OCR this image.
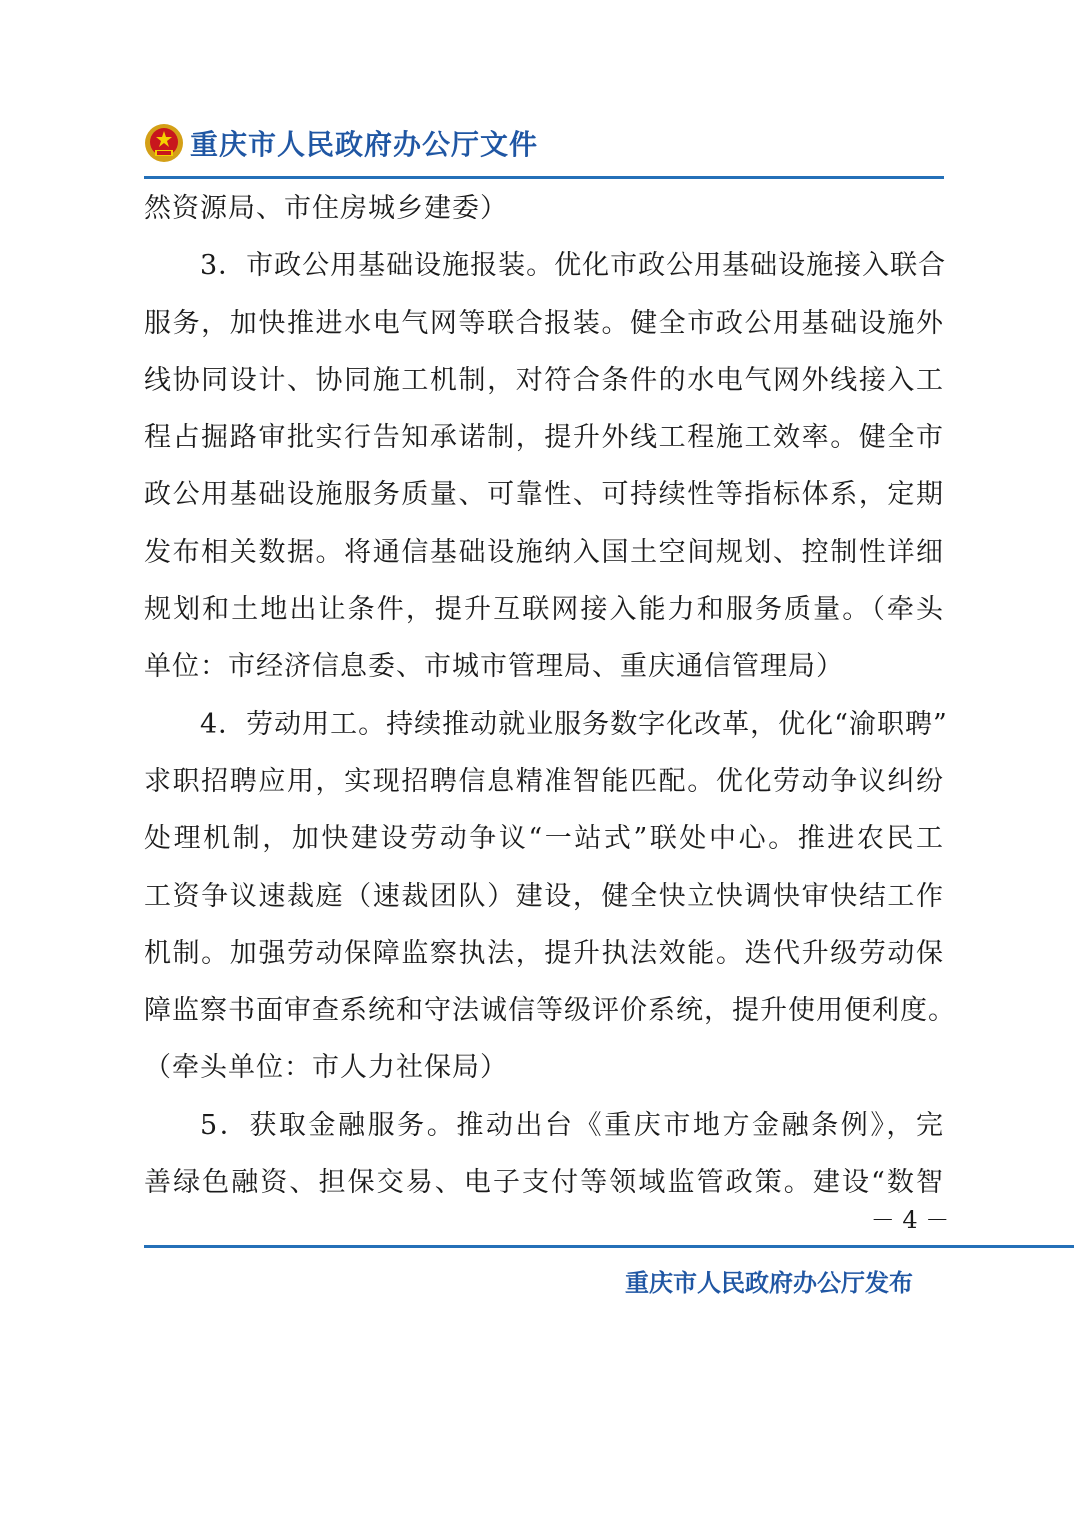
重庆市人民政府办公厅文件
然资源局、市住房城乡建委）
3．市政公用基础设施报装。优化市政公用基础设施接入联合
服务，加快推进水电气网等联合报装。健全市政公用基础设施外
线协同设计、协同施工机制，对符合条件的水电气网外线接入工
程占掘路审批实行告知承诺制，提升外线工程施工效率。健全市
政公用基础设施服务质量、可靠性、可持续性等指标体系，定期
发布相关数据。将通信基础设施纳入国土空间规划、控制性详细
规划和土地出让条件，提升互联网接入能力和服务质量。（牵头
单位：市经济信息委、市城市管理局、重庆通信管理局）
4．劳动用工。持续推动就业服务数字化改革，优化“渝职聘”
求职招聘应用，实现招聘信息精准智能匹配。优化劳动争议纠纷
处理机制，加快建设劳动争议“一站式”联处中心。推进农民工
工资争议速裁庭（速裁团队）建设，健全快立快调快审快结工作
机制。加强劳动保障监察执法，提升执法效能。迭代升级劳动保
障监察书面审查系统和守法诚信等级评价系统，提升使用便利度。
（牵头单位：市人力社保局）
5．获取金融服务。推动出台《重庆市地方金融条例》，完
善绿色融资、担保交易、电子支付等领域监管政策。建设“数智
－ 4 －
重庆市人民政府办公厅发布
